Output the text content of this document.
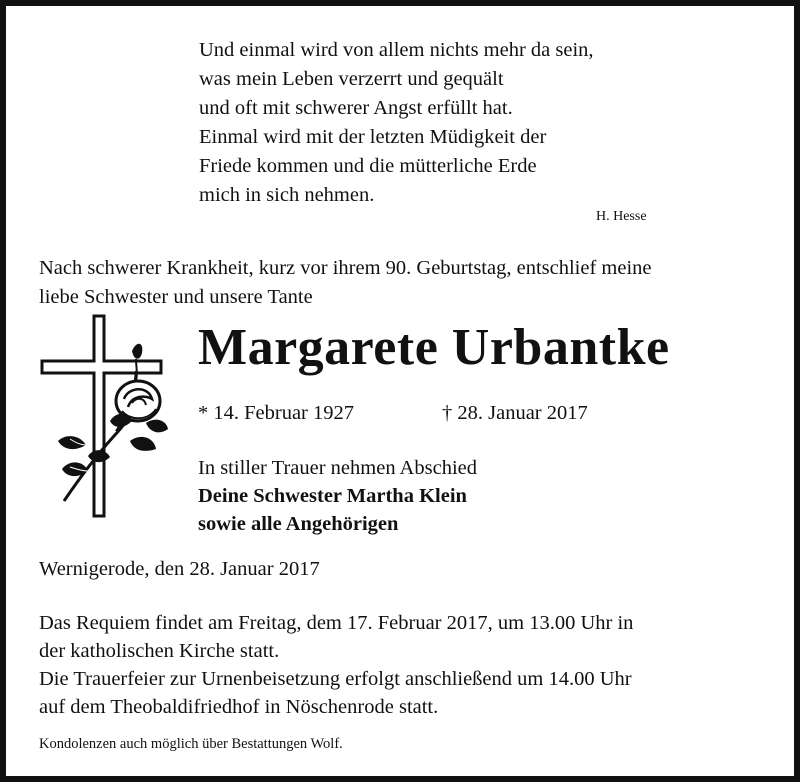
Und einmal wird von allem nichts mehr da sein,
was mein Leben verzerrt und gequält
und oft mit schwerer Angst erfüllt hat.
Einmal wird mit der letzten Müdigkeit der
Friede kommen und die mütterliche Erde
mich in sich nehmen.
H. Hesse
Nach schwerer Krankheit, kurz vor ihrem 90. Geburtstag, entschlief meine
liebe Schwester und unsere Tante
Margarete Urbantke
* 14. Februar 1927	† 28. Januar 2017
In stiller Trauer nehmen Abschied
Deine Schwester Martha Klein
sowie alle Angehörigen
Wernigerode, den 28. Januar 2017
Das Requiem findet am Freitag, dem 17. Februar 2017, um 13.00 Uhr in
der katholischen Kirche statt.
Die Trauerfeier zur Urnenbeisetzung erfolgt anschließend um 14.00 Uhr
auf dem Theobaldifriedhof in Nöschenrode statt.
Kondolenzen auch möglich über Bestattungen Wolf.
